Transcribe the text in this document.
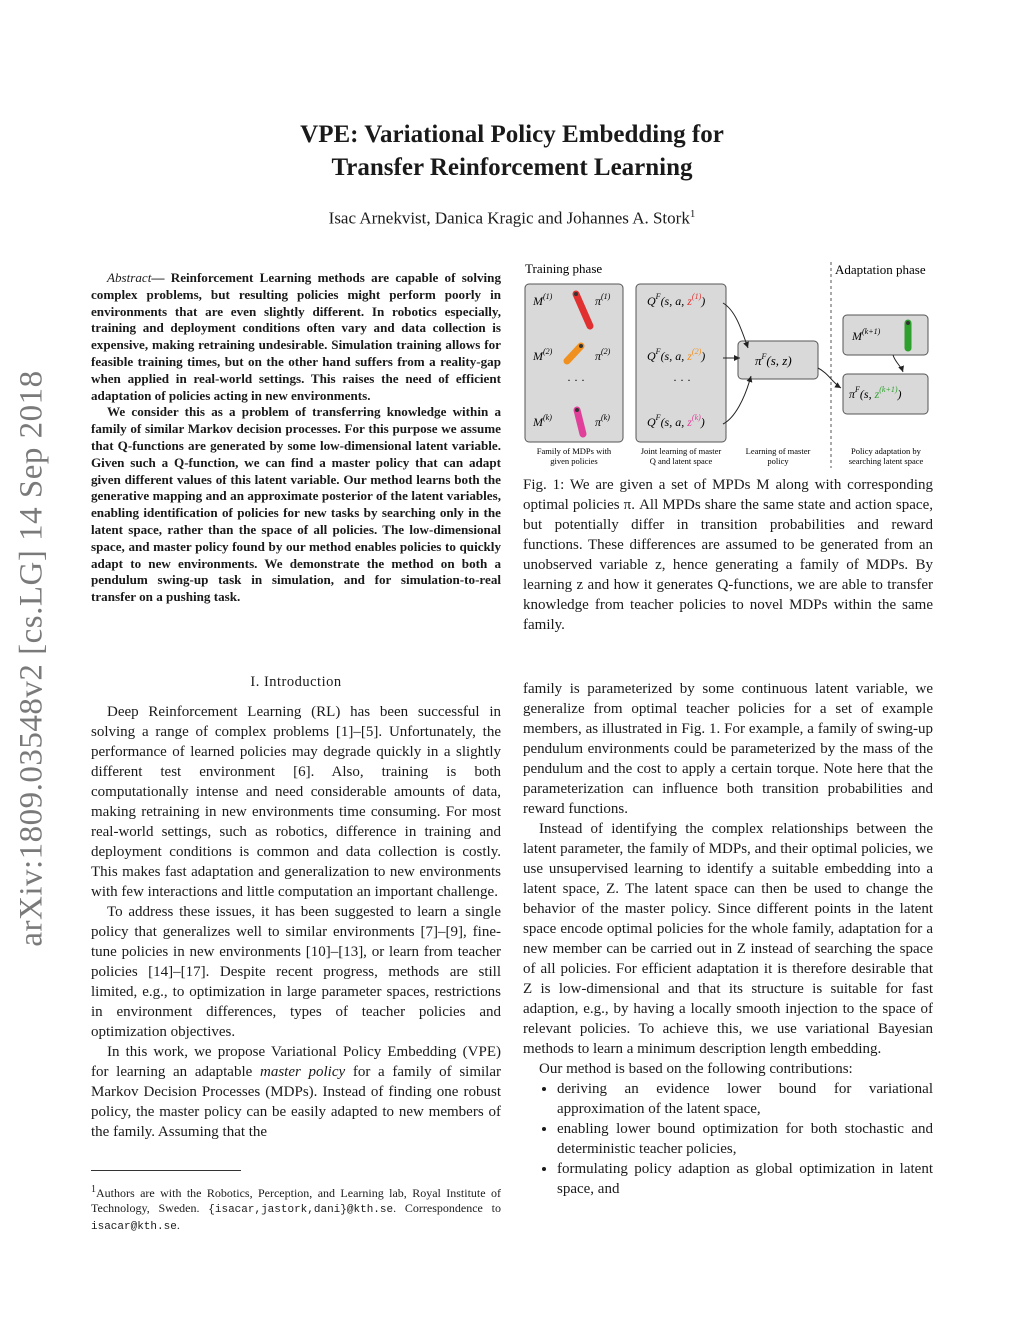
arXiv:1809.03548v2 [cs.LG] 14 Sep 2018
VPE: Variational Policy Embedding for
Transfer Reinforcement Learning
Isac Arnekvist, Danica Kragic and Johannes A. Stork$^1$

Abstract— Reinforcement Learning methods are capable of solving complex problems, but resulting policies might perform poorly in environments that are even slightly different. In robotics especially, training and deployment conditions often vary and data collection is expensive, making retraining undesirable. Simulation training allows for feasible training times, but on the other hand suffers from a reality-gap when applied in real-world settings. This raises the need of efficient adaptation of policies acting in new environments.

We consider this as a problem of transferring knowledge within a family of similar Markov decision processes. For this purpose we assume that Q-functions are generated by some low-dimensional latent variable. Given such a Q-function, we can find a master policy that can adapt given different values of this latent variable. Our method learns both the generative mapping and an approximate posterior of the latent variables, enabling identification of policies for new tasks by searching only in the latent space, rather than the space of all policies. The low-dimensional space, and master policy found by our method enables policies to quickly adapt to new environments. We demonstrate the method on both a pendulum swing-up task in simulation, and for simulation-to-real transfer on a pushing task.

I. Introduction

Deep Reinforcement Learning (RL) has been successful in solving a range of complex problems [1]–[5]. Unfortunately, the performance of learned policies may degrade quickly in a slightly different test environment [6]. Also, training is both computationally intense and need considerable amounts of data, making retraining in new environments time consuming. For most real-world settings, such as robotics, difference in training and deployment conditions is common and data collection is costly. This makes fast adaptation and generalization to new environments with few interactions and little computation an important challenge.

To address these issues, it has been suggested to learn a single policy that generalizes well to similar environments [7]–[9], fine-tune policies in new environments [10]–[13], or learn from teacher policies [14]–[17]. Despite recent progress, methods are still limited, e.g., to optimization in large parameter spaces, restrictions in environment differences, types of teacher policies and optimization objectives.

In this work, we propose Variational Policy Embedding (VPE) for learning an adaptable master policy for a family of similar Markov Decision Processes (MDPs). Instead of finding one robust policy, the master policy can be easily adapted to new members of the family. Assuming that the

$^1$Authors are with the Robotics, Perception, and Learning lab, Royal Institute of Technology, Sweden. {isacar,jastork,dani}@kth.se. Correspondence to isacar@kth.se.
Training phase	Adaptation phase
$M^{(1)}$	$\pi^{(1)}$
$M^{(2)}$	$\pi^{(2)}$
· · ·
$M^{(k)}$	$\pi^{(k)}$
$Q^F(s$, a, $z^{(1)}$)
$Q^F(s$, a, $z^{(2)}$)
· · ·
$Q^F(s$, a, $z^{(k)}$)
$\pi^F(s$, z)
$M^{(k+1)}$
$\pi^F(s$, $z^{(k+1)}$)
Family of MDPs with
given policies
Joint learning of master
Q and latent space
Learning of master
policy
Policy adaptation by
searching latent space
Fig. 1: We are given a set of MPDs M along with corresponding optimal policies π. All MPDs share the same state and action space, but potentially differ in transition probabilities and reward functions. These differences are assumed to be generated from an unobserved variable z, hence generating a family of MDPs. By learning z and how it generates Q-functions, we are able to transfer knowledge from teacher policies to novel MDPs within the same family.

family is parameterized by some continuous latent variable, we generalize from optimal teacher policies for a set of example members, as illustrated in Fig. 1. For example, a family of swing-up pendulum environments could be parameterized by the mass of the pendulum and the cost to apply a certain torque. Note here that the parameterization can influence both transition probabilities and reward functions.

Instead of identifying the complex relationships between the latent parameter, the family of MDPs, and their optimal policies, we use unsupervised learning to identify a suitable embedding into a latent space, Z. The latent space can then be used to change the behavior of the master policy. Since different points in the latent space encode optimal policies for the whole family, adaptation for a new member can be carried out in Z instead of searching the space of all policies. For efficient adaptation it is therefore desirable that Z is low-dimensional and that its structure is suitable for fast adaption, e.g., by having a locally smooth injection to the space of relevant policies. To achieve this, we use variational Bayesian methods to learn a minimum description length embedding.

Our method is based on the following contributions:

• deriving an evidence lower bound for variational approximation of the latent space,
• enabling lower bound optimization for both stochastic and deterministic teacher policies,
• formulating policy adaption as global optimization in latent space, and
